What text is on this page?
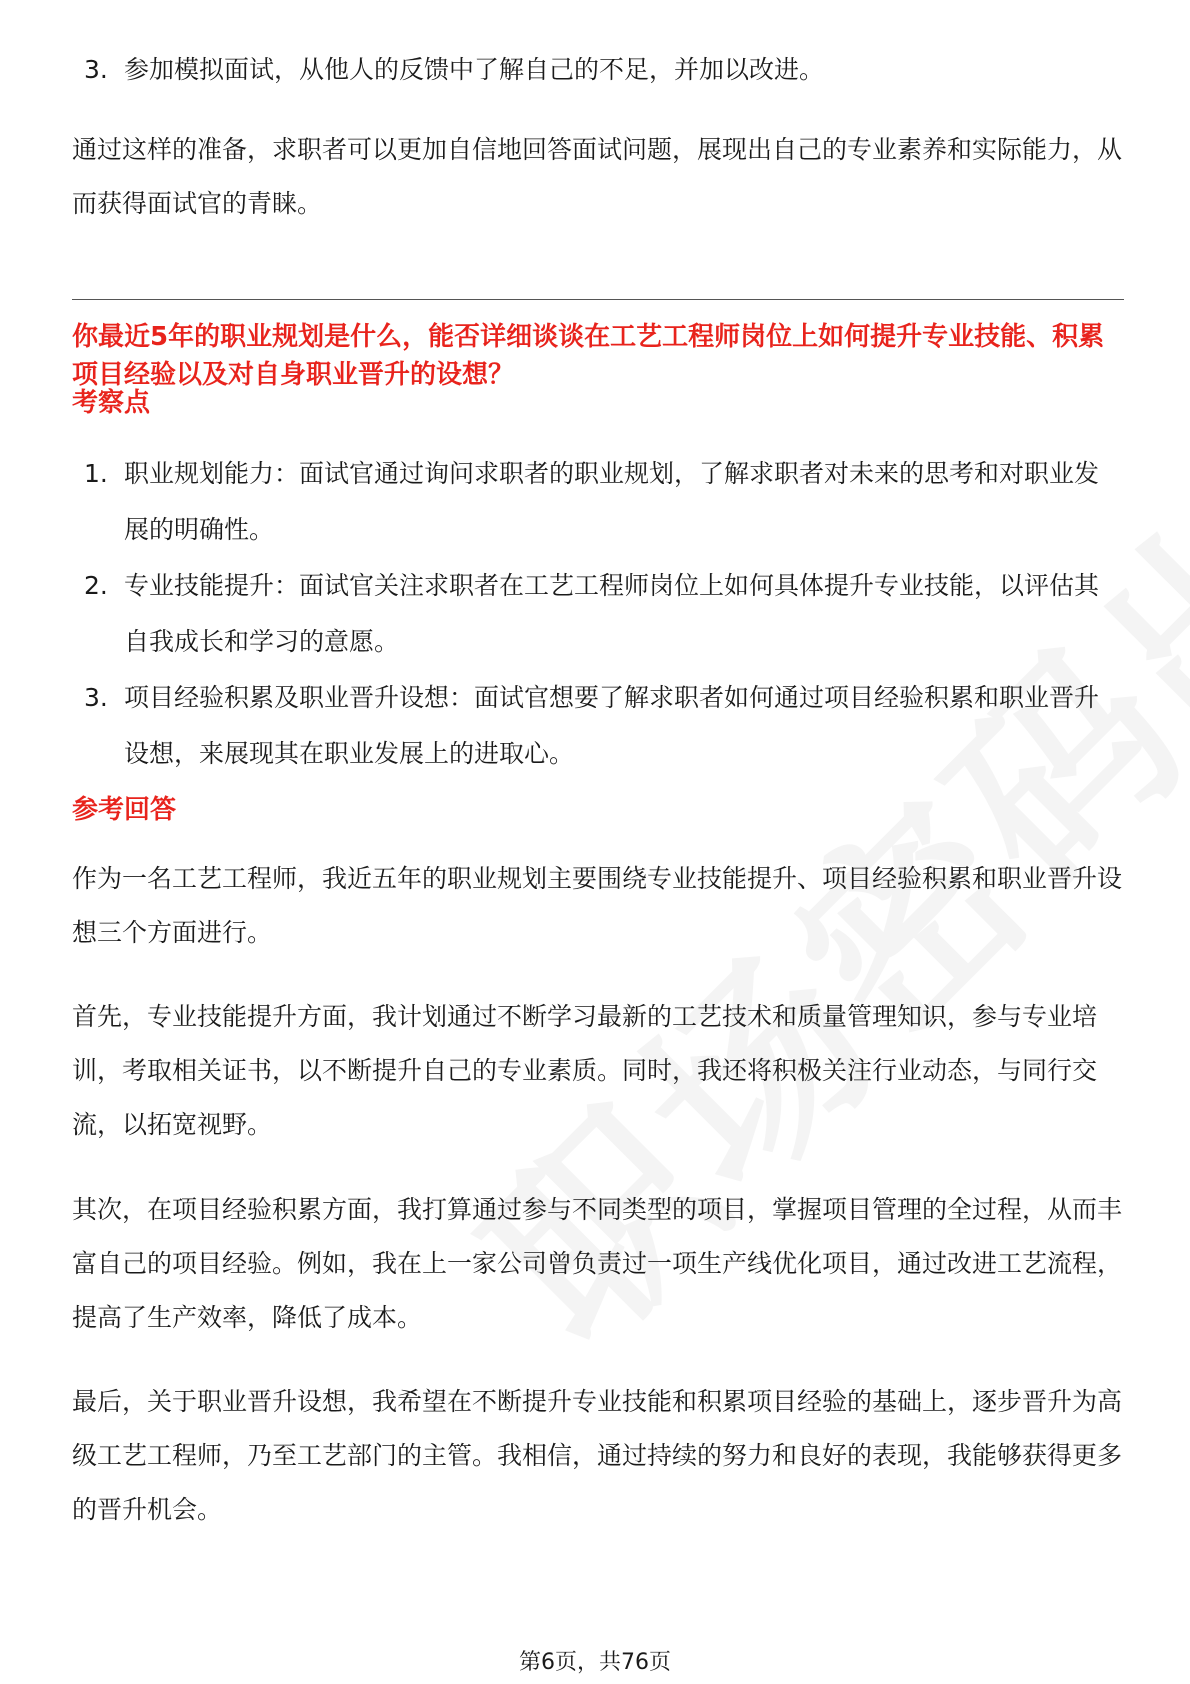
3. 参加模拟面试，从他人的反馈中了解自己的不足，并加以改进。

通过这样的准备，求职者可以更加自信地回答面试问题，展现出自己的专业素养和实际能力，从而获得面试官的青睐。

你最近5年的职业规划是什么，能否详细谈谈在工艺工程师岗位上如何提升专业技能、积累项目经验以及对自身职业晋升的设想？
考察点
1. 职业规划能力：面试官通过询问求职者的职业规划，了解求职者对未来的思考和对职业发展的明确性。
2. 专业技能提升：面试官关注求职者在工艺工程师岗位上如何具体提升专业技能，以评估其自我成长和学习的意愿。
3. 项目经验积累及职业晋升设想：面试官想要了解求职者如何通过项目经验积累和职业晋升设想，来展现其在职业发展上的进取心。
参考回答

作为一名工艺工程师，我近五年的职业规划主要围绕专业技能提升、项目经验积累和职业晋升设想三个方面进行。

首先，专业技能提升方面，我计划通过不断学习最新的工艺技术和质量管理知识，参与专业培训，考取相关证书，以不断提升自己的专业素质。同时，我还将积极关注行业动态，与同行交流，以拓宽视野。

其次，在项目经验积累方面，我打算通过参与不同类型的项目，掌握项目管理的全过程，从而丰富自己的项目经验。例如，我在上一家公司曾负责过一项生产线优化项目，通过改进工艺流程，提高了生产效率，降低了成本。

最后，关于职业晋升设想，我希望在不断提升专业技能和积累项目经验的基础上，逐步晋升为高级工艺工程师，乃至工艺部门的主管。我相信，通过持续的努力和良好的表现，我能够获得更多的晋升机会。

第6页，共76页
